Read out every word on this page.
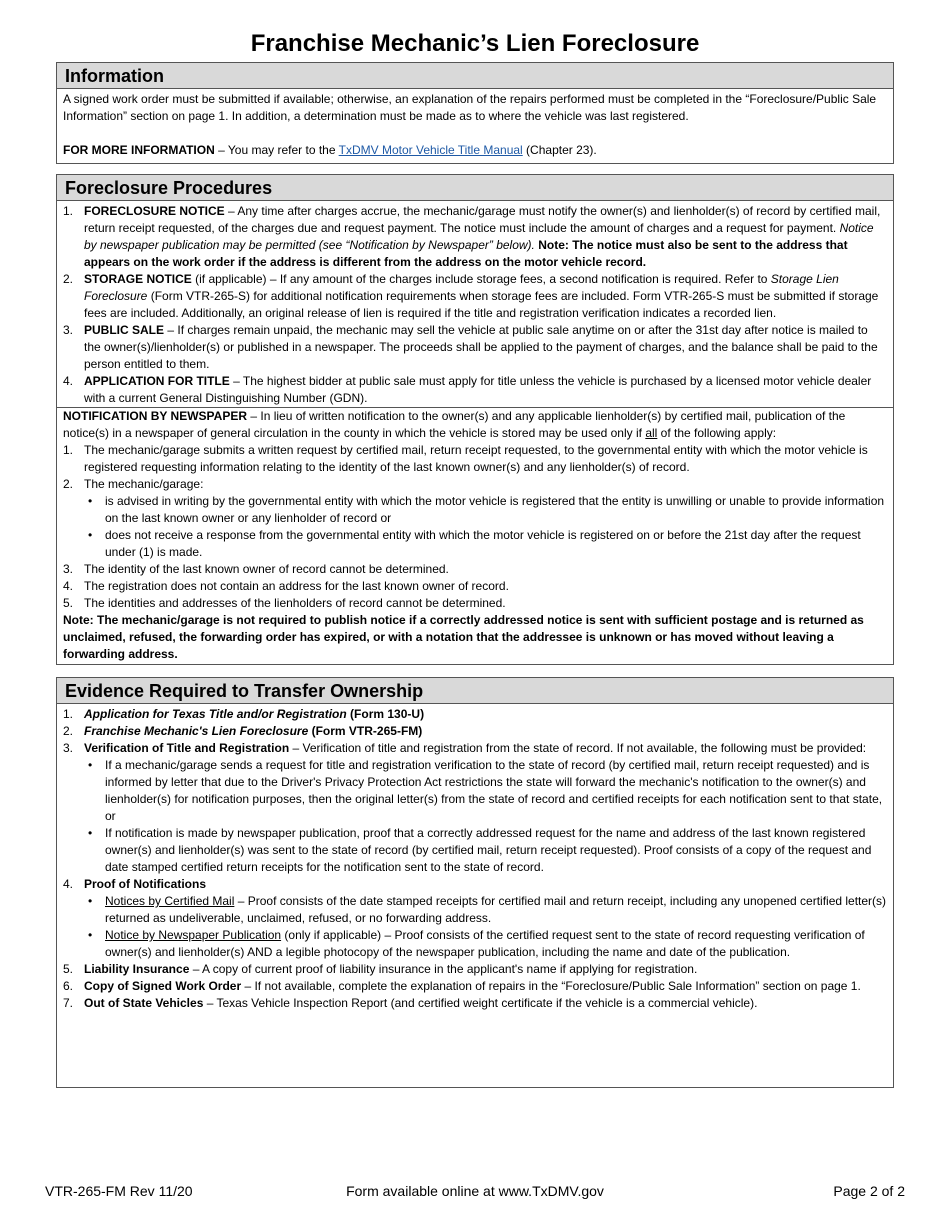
Franchise Mechanic’s Lien Foreclosure
Information

A signed work order must be submitted if available; otherwise, an explanation of the repairs performed must be completed in the “Foreclosure/Public Sale Information” section on page 1. In addition, a determination must be made as to where the vehicle was last registered.

FOR MORE INFORMATION – You may refer to the TxDMV Motor Vehicle Title Manual (Chapter 23).

Foreclosure Procedures
1. FORECLOSURE NOTICE – Any time after charges accrue, the mechanic/garage must notify the owner(s) and lienholder(s) of record by certified mail, return receipt requested, of the charges due and request payment. The notice must include the amount of charges and a request for payment. Notice by newspaper publication may be permitted (see “Notification by Newspaper” below). Note: The notice must also be sent to the address that appears on the work order if the address is different from the address on the motor vehicle record.
2. STORAGE NOTICE (if applicable) – If any amount of the charges include storage fees, a second notification is required. Refer to Storage Lien Foreclosure (Form VTR-265-S) for additional notification requirements when storage fees are included. Form VTR-265-S must be submitted if storage fees are included. Additionally, an original release of lien is required if the title and registration verification indicates a recorded lien.
3. PUBLIC SALE – If charges remain unpaid, the mechanic may sell the vehicle at public sale anytime on or after the 31st day after notice is mailed to the owner(s)/lienholder(s) or published in a newspaper. The proceeds shall be applied to the payment of charges, and the balance shall be paid to the person entitled to them.
4. APPLICATION FOR TITLE – The highest bidder at public sale must apply for title unless the vehicle is purchased by a licensed motor vehicle dealer with a current General Distinguishing Number (GDN).

NOTIFICATION BY NEWSPAPER – In lieu of written notification to the owner(s) and any applicable lienholder(s) by certified mail, publication of the notice(s) in a newspaper of general circulation in the county in which the vehicle is stored may be used only if all of the following apply:

1. The mechanic/garage submits a written request by certified mail, return receipt requested, to the governmental entity with which the motor vehicle is registered requesting information relating to the identity of the last known owner(s) and any lienholder(s) of record.
2. The mechanic/garage:
• is advised in writing by the governmental entity with which the motor vehicle is registered that the entity is unwilling or unable to provide information on the last known owner or any lienholder of record or
• does not receive a response from the governmental entity with which the motor vehicle is registered on or before the 21st day after the request under (1) is made.
3. The identity of the last known owner of record cannot be determined.
4. The registration does not contain an address for the last known owner of record.
5. The identities and addresses of the lienholders of record cannot be determined.

Note: The mechanic/garage is not required to publish notice if a correctly addressed notice is sent with sufficient postage and is returned as unclaimed, refused, the forwarding order has expired, or with a notation that the addressee is unknown or has moved without leaving a forwarding address.

Evidence Required to Transfer Ownership
1. Application for Texas Title and/or Registration (Form 130-U)
2. Franchise Mechanic's Lien Foreclosure (Form VTR-265-FM)
3. Verification of Title and Registration – Verification of title and registration from the state of record. If not available, the following must be provided:
• If a mechanic/garage sends a request for title and registration verification to the state of record (by certified mail, return receipt requested) and is informed by letter that due to the Driver's Privacy Protection Act restrictions the state will forward the mechanic's notification to the owner(s) and lienholder(s) for notification purposes, then the original letter(s) from the state of record and certified receipts for each notification sent to that state, or
• If notification is made by newspaper publication, proof that a correctly addressed request for the name and address of the last known registered owner(s) and lienholder(s) was sent to the state of record (by certified mail, return receipt requested). Proof consists of a copy of the request and date stamped certified return receipts for the notification sent to the state of record.
4. Proof of Notifications
• Notices by Certified Mail – Proof consists of the date stamped receipts for certified mail and return receipt, including any unopened certified letter(s) returned as undeliverable, unclaimed, refused, or no forwarding address.
• Notice by Newspaper Publication (only if applicable) – Proof consists of the certified request sent to the state of record requesting verification of owner(s) and lienholder(s) AND a legible photocopy of the newspaper publication, including the name and date of the publication.
5. Liability Insurance – A copy of current proof of liability insurance in the applicant's name if applying for registration.
6. Copy of Signed Work Order – If not available, complete the explanation of repairs in the “Foreclosure/Public Sale Information” section on page 1.
7. Out of State Vehicles – Texas Vehicle Inspection Report (and certified weight certificate if the vehicle is a commercial vehicle).
VTR-265-FM Rev 11/20	Form available online at www.TxDMV.gov	Page 2 of 2
